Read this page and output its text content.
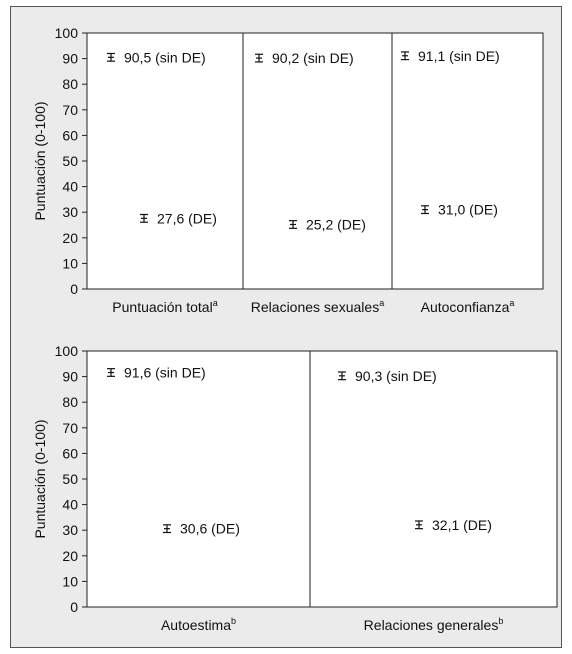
0
10
20
30
40
50
60
70
80
90
100
Puntuación (0-100)
Puntuación total$^a$
90,5 (sin DE)
27,6 (DE)
Relaciones sexuales$^a$
90,2 (sin DE)
25,2 (DE)
Autoconfianza$^a$
91,1 (sin DE)
31,0 (DE)
0
10
20
30
40
50
60
70
80
90
100
Puntuación (0-100)
Autoestima$^b$
91,6 (sin DE)
30,6 (DE)
Relaciones generales$^b$
90,3 (sin DE)
32,1 (DE)
